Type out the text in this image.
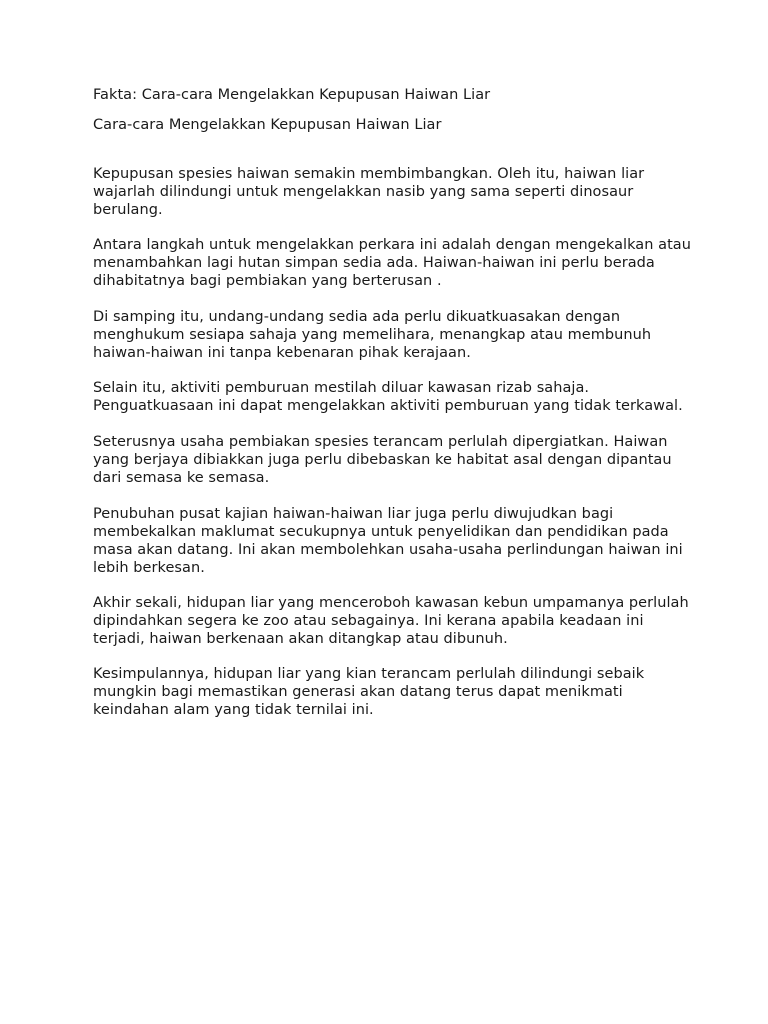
Fakta: Cara-cara Mengelakkan Kepupusan Haiwan Liar

Cara-cara Mengelakkan Kepupusan Haiwan Liar

Kepupusan spesies haiwan semakin membimbangkan. Oleh itu, haiwan liar
wajarlah dilindungi untuk mengelakkan nasib yang sama seperti dinosaur
berulang.

Antara langkah untuk mengelakkan perkara ini adalah dengan mengekalkan atau
menambahkan lagi hutan simpan sedia ada. Haiwan-haiwan ini perlu berada
dihabitatnya bagi pembiakan yang berterusan .

Di samping itu, undang-undang sedia ada perlu dikuatkuasakan dengan
menghukum sesiapa sahaja yang memelihara, menangkap atau membunuh
haiwan-haiwan ini tanpa kebenaran pihak kerajaan.

Selain itu, aktiviti pemburuan mestilah diluar kawasan rizab sahaja.
Penguatkuasaan ini dapat mengelakkan aktiviti pemburuan yang tidak terkawal.

Seterusnya usaha pembiakan spesies terancam perlulah dipergiatkan. Haiwan
yang berjaya dibiakkan juga perlu dibebaskan ke habitat asal dengan dipantau
dari semasa ke semasa.

Penubuhan pusat kajian haiwan-haiwan liar juga perlu diwujudkan bagi
membekalkan maklumat secukupnya untuk penyelidikan dan pendidikan pada
masa akan datang. Ini akan membolehkan usaha-usaha perlindungan haiwan ini
lebih berkesan.

Akhir sekali, hidupan liar yang menceroboh kawasan kebun umpamanya perlulah
dipindahkan segera ke zoo atau sebagainya. Ini kerana apabila keadaan ini
terjadi, haiwan berkenaan akan ditangkap atau dibunuh.

Kesimpulannya, hidupan liar yang kian terancam perlulah dilindungi sebaik
mungkin bagi memastikan generasi akan datang terus dapat menikmati
keindahan alam yang tidak ternilai ini.
